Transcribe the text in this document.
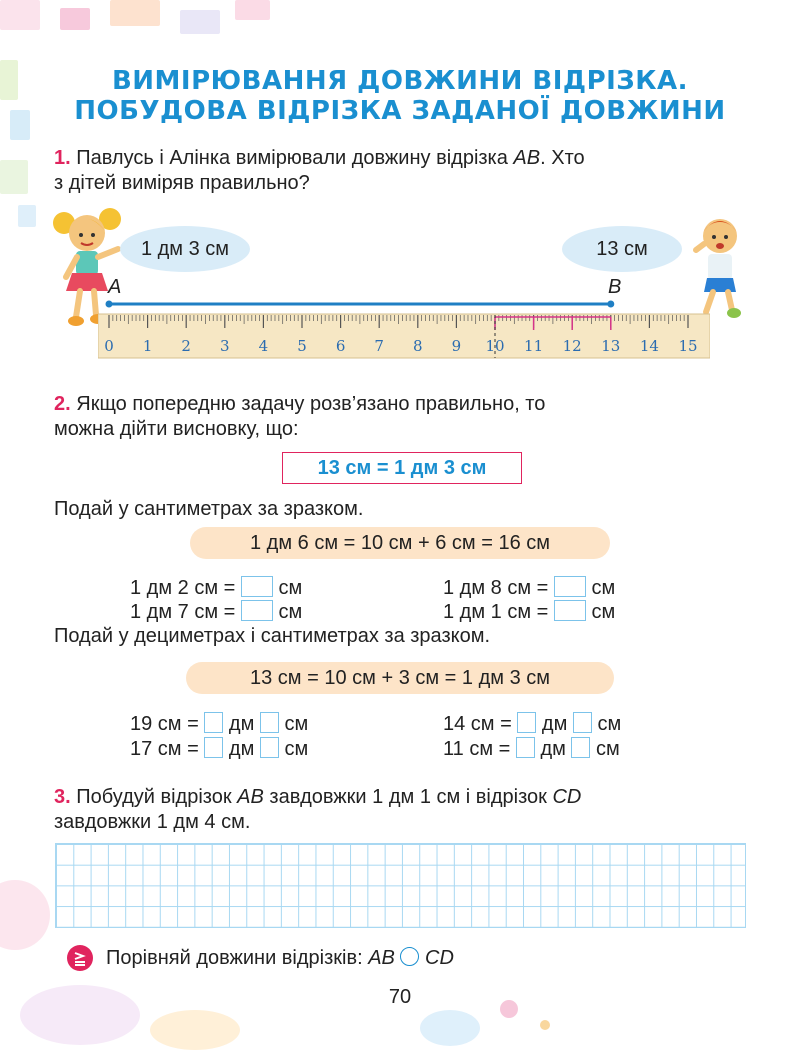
ВИМІРЮВАННЯ ДОВЖИНИ ВІДРІЗКА.
ПОБУДОВА ВІДРІЗКА ЗАДАНОЇ ДОВЖИНИ
1. Павлусь і Алінка вимірювали довжину відрізка AB. Хто
з дітей виміряв правильно?
1 дм 3 см	13 см
A	B
0 1 2 3 4 5 6 7 8 9 10 11 12 13 14 15
2. Якщо попередню задачу розв’язано правильно, то
можна дійти висновку, що:
13 см = 1 дм 3 см
Подай у сантиметрах за зразком.
1 дм 6 см = 10 см + 6 см = 16 см
1 дм 2 см = см	1 дм 8 см = см
1 дм 7 см = см	1 дм 1 см = см
Подай у дециметрах і сантиметрах за зразком.
13 см = 10 см + 3 см = 1 дм 3 см
19 см = дм см	14 см = дм см
17 см = дм см	11 см = дм см
3. Побудуй відрізок AB завдовжки 1 дм 1 см і відрізок CD
завдовжки 1 дм 4 см.
Порівняй довжини відрізків: AB CD
70
